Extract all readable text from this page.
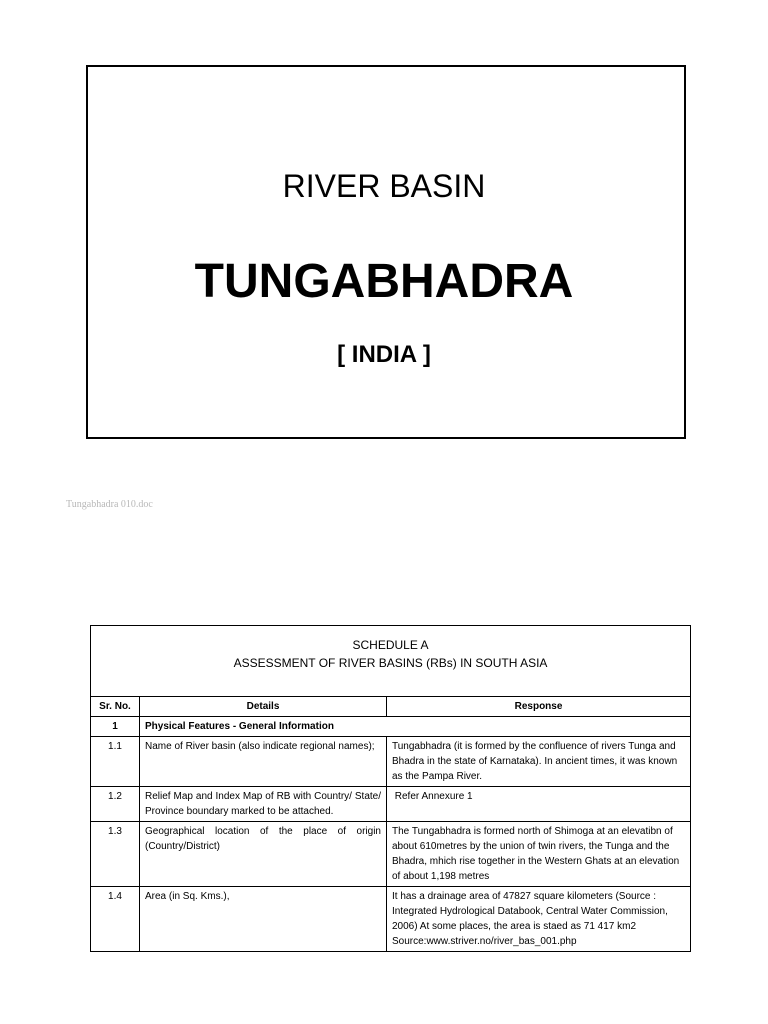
RIVER BASIN
TUNGABHADRA
[ INDIA ]
Tungabhadra 010.doc
SCHEDULE A
ASSESSMENT OF RIVER BASINS (RBs) IN SOUTH ASIA		

Sr. No.	Details	Response
1	Physical Features - General Information	
1.1	Name of River basin (also indicate regional names);	Tungabhadra (it is formed by the confluence of rivers Tunga and Bhadra in the state of Karnataka). In ancient times, it was known as the Pampa River.
1.2	Relief Map and Index Map of RB with Country/ State/ Province boundary marked to be attached.	Refer Annexure 1
1.3	Geographical location of the place of origin (Country/District)	The Tungabhadra is formed north of Shimoga at an elevatibn of about 610metres by the union of twin rivers, the Tunga and the Bhadra, mhich rise together in the Western Ghats at an elevation of about 1,198 metres
1.4	Area (in Sq. Kms.),	It has a drainage area of 47827 square kilometers (Source : Integrated Hydrological Databook, Central Water Commission, 2006) At some places, the area is staed as 71 417 km2 Source:www.striver.no/river_bas_001.php
